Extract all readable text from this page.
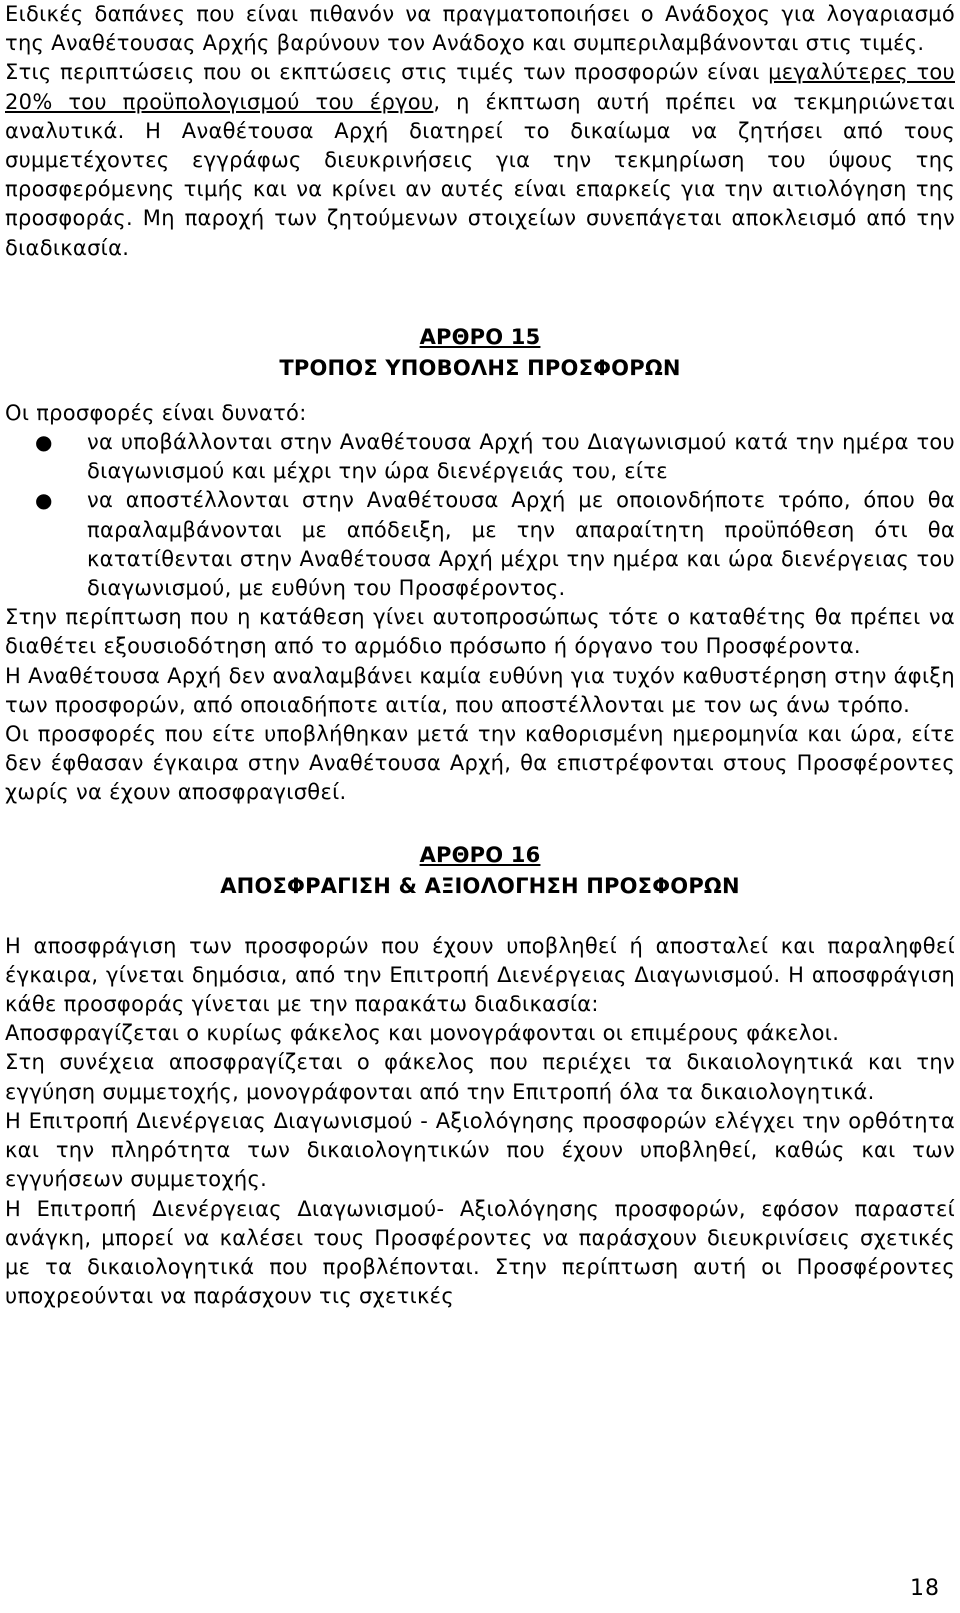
Ειδικές δαπάνες που είναι πιθανόν να πραγματοποιήσει ο Ανάδοχος για λογαριασμό της Αναθέτουσας Αρχής βαρύνουν τον Ανάδοχο και συμπεριλαμβάνονται στις τιμές.

Στις περιπτώσεις που οι εκπτώσεις στις τιμές των προσφορών είναι μεγαλύτερες του 20% του προϋπολογισμού του έργου, η έκπτωση αυτή πρέπει να τεκμηριώνεται αναλυτικά. Η Αναθέτουσα Αρχή διατηρεί το δικαίωμα να ζητήσει από τους συμμετέχοντες εγγράφως διευκρινήσεις για την τεκμηρίωση του ύψους της προσφερόμενης τιμής και να κρίνει αν αυτές είναι επαρκείς για την αιτιολόγηση της προσφοράς. Μη παροχή των ζητούμενων στοιχείων συνεπάγεται αποκλεισμό από την διαδικασία.

ΑΡΘΡΟ 15
ΤΡΟΠΟΣ ΥΠΟΒΟΛΗΣ ΠΡΟΣΦΟΡΩΝ

Οι προσφορές είναι δυνατό:

● να υποβάλλονται στην Αναθέτουσα Αρχή του Διαγωνισμού κατά την ημέρα του διαγωνισμού και μέχρι την ώρα διενέργειάς του, είτε
● να αποστέλλονται στην Αναθέτουσα Αρχή με οποιονδήποτε τρόπο, όπου θα παραλαμβάνονται με απόδειξη, με την απαραίτητη προϋπόθεση ότι θα κατατίθενται στην Αναθέτουσα Αρχή μέχρι την ημέρα και ώρα διενέργειας του διαγωνισμού, με ευθύνη του Προσφέροντος.

Στην περίπτωση που η κατάθεση γίνει αυτοπροσώπως τότε ο καταθέτης θα πρέπει να διαθέτει εξουσιοδότηση από το αρμόδιο πρόσωπο ή όργανο του Προσφέροντα.

Η Αναθέτουσα Αρχή δεν αναλαμβάνει καμία ευθύνη για τυχόν καθυστέρηση στην άφιξη των προσφορών, από οποιαδήποτε αιτία, που αποστέλλονται με τον ως άνω τρόπο.

Οι προσφορές που είτε υποβλήθηκαν μετά την καθορισμένη ημερομηνία και ώρα, είτε δεν έφθασαν έγκαιρα στην Αναθέτουσα Αρχή, θα επιστρέφονται στους Προσφέροντες χωρίς να έχουν αποσφραγισθεί.

ΑΡΘΡΟ 16
ΑΠΟΣΦΡΑΓΙΣΗ & ΑΞΙΟΛΟΓΗΣΗ ΠΡΟΣΦΟΡΩΝ

Η αποσφράγιση των προσφορών που έχουν υποβληθεί ή αποσταλεί και παραληφθεί έγκαιρα, γίνεται δημόσια, από την Επιτροπή Διενέργειας Διαγωνισμού. Η αποσφράγιση κάθε προσφοράς γίνεται με την παρακάτω διαδικασία:

Αποσφραγίζεται ο κυρίως φάκελος και μονογράφονται οι επιμέρους φάκελοι.

Στη συνέχεια αποσφραγίζεται ο φάκελος που περιέχει τα δικαιολογητικά και την εγγύηση συμμετοχής, μονογράφονται από την Επιτροπή όλα τα δικαιολογητικά.

Η Επιτροπή Διενέργειας Διαγωνισμού - Αξιολόγησης προσφορών ελέγχει την ορθότητα και την πληρότητα των δικαιολογητικών που έχουν υποβληθεί, καθώς και των εγγυήσεων συμμετοχής.

Η Επιτροπή Διενέργειας Διαγωνισμού- Αξιολόγησης προσφορών, εφόσον παραστεί ανάγκη, μπορεί να καλέσει τους Προσφέροντες να παράσχουν διευκρινίσεις σχετικές με τα δικαιολογητικά που προβλέπονται. Στην περίπτωση αυτή οι Προσφέροντες υποχρεούνται να παράσχουν τις σχετικές

18
